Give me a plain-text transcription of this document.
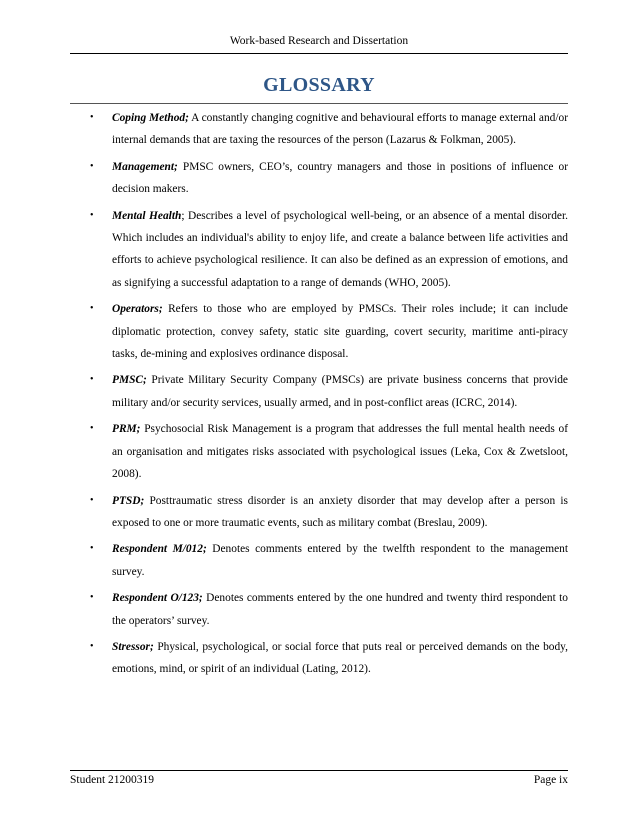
Work-based Research and Dissertation
GLOSSARY
• Coping Method; A constantly changing cognitive and behavioural efforts to manage external and/or internal demands that are taxing the resources of the person (Lazarus & Folkman, 2005).
• Management; PMSC owners, CEO’s, country managers and those in positions of influence or decision makers.
• Mental Health; Describes a level of psychological well-being, or an absence of a mental disorder. Which includes an individual's ability to enjoy life, and create a balance between life activities and efforts to achieve psychological resilience. It can also be defined as an expression of emotions, and as signifying a successful adaptation to a range of demands (WHO, 2005).
• Operators; Refers to those who are employed by PMSCs. Their roles include; it can include diplomatic protection, convey safety, static site guarding, covert security, maritime anti-piracy tasks, de-mining and explosives ordinance disposal.
• PMSC; Private Military Security Company (PMSCs) are private business concerns that provide military and/or security services, usually armed, and in post-conflict areas (ICRC, 2014).
• PRM; Psychosocial Risk Management is a program that addresses the full mental health needs of an organisation and mitigates risks associated with psychological issues (Leka, Cox & Zwetsloot, 2008).
• PTSD; Posttraumatic stress disorder is an anxiety disorder that may develop after a person is exposed to one or more traumatic events, such as military combat (Breslau, 2009).
• Respondent M/012; Denotes comments entered by the twelfth respondent to the management survey.
• Respondent O/123; Denotes comments entered by the one hundred and twenty third respondent to the operators’ survey.
• Stressor; Physical, psychological, or social force that puts real or perceived demands on the body, emotions, mind, or spirit of an individual (Lating, 2012).
Student 21200319	Page ix
